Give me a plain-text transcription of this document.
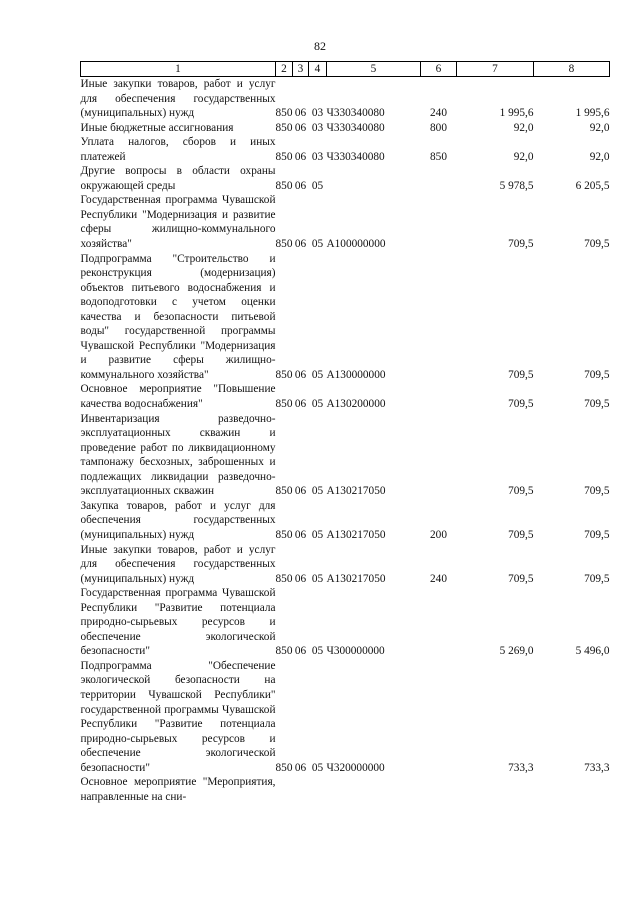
82
1	2	3	4	5	6	7	8
Иные закупки товаров, работ и услуг для обеспечения государственных (муниципальных) нужд	850	06	03	Ч330340080	240	1 995,6	1 995,6
Иные бюджетные ассигнования	850	06	03	Ч330340080	800	92,0	92,0
Уплата налогов, сборов и иных платежей	850	06	03	Ч330340080	850	92,0	92,0
Другие вопросы в области охраны окружающей среды	850	06	05			5 978,5	6 205,5
Государственная программа Чувашской Республики "Модернизация и развитие сферы жилищно-коммунального хозяйства"	850	06	05	A100000000		709,5	709,5
Подпрограмма "Строительство и реконструкция (модернизация) объектов питьевого водоснабжения и водоподготовки с учетом оценки качества и безопасности питьевой воды" государственной программы Чувашской Республики "Модернизация и развитие сферы жилищно-коммунального хозяйства"	850	06	05	A130000000		709,5	709,5
Основное мероприятие "Повышение качества водоснабжения"	850	06	05	A130200000		709,5	709,5
Инвентаризация разведочно-эксплуатационных скважин и проведение работ по ликвидационному тампонажу бесхозных, заброшенных и подлежащих ликвидации разведочно-эксплуатационных скважин	850	06	05	A130217050		709,5	709,5
Закупка товаров, работ и услуг для обеспечения государственных (муниципальных) нужд	850	06	05	A130217050	200	709,5	709,5
Иные закупки товаров, работ и услуг для обеспечения государственных (муниципальных) нужд	850	06	05	A130217050	240	709,5	709,5
Государственная программа Чувашской Республики "Развитие потенциала природно-сырьевых ресурсов и обеспечение экологической безопасности"	850	06	05	Ч300000000		5 269,0	5 496,0
Подпрограмма "Обеспечение экологической безопасности на территории Чувашской Республики" государственной программы Чувашской Республики "Развитие потенциала природно-сырьевых ресурсов и обеспечение экологической безопасности"	850	06	05	Ч320000000		733,3	733,3
Основное мероприятие "Мероприятия, направленные на сни-							
